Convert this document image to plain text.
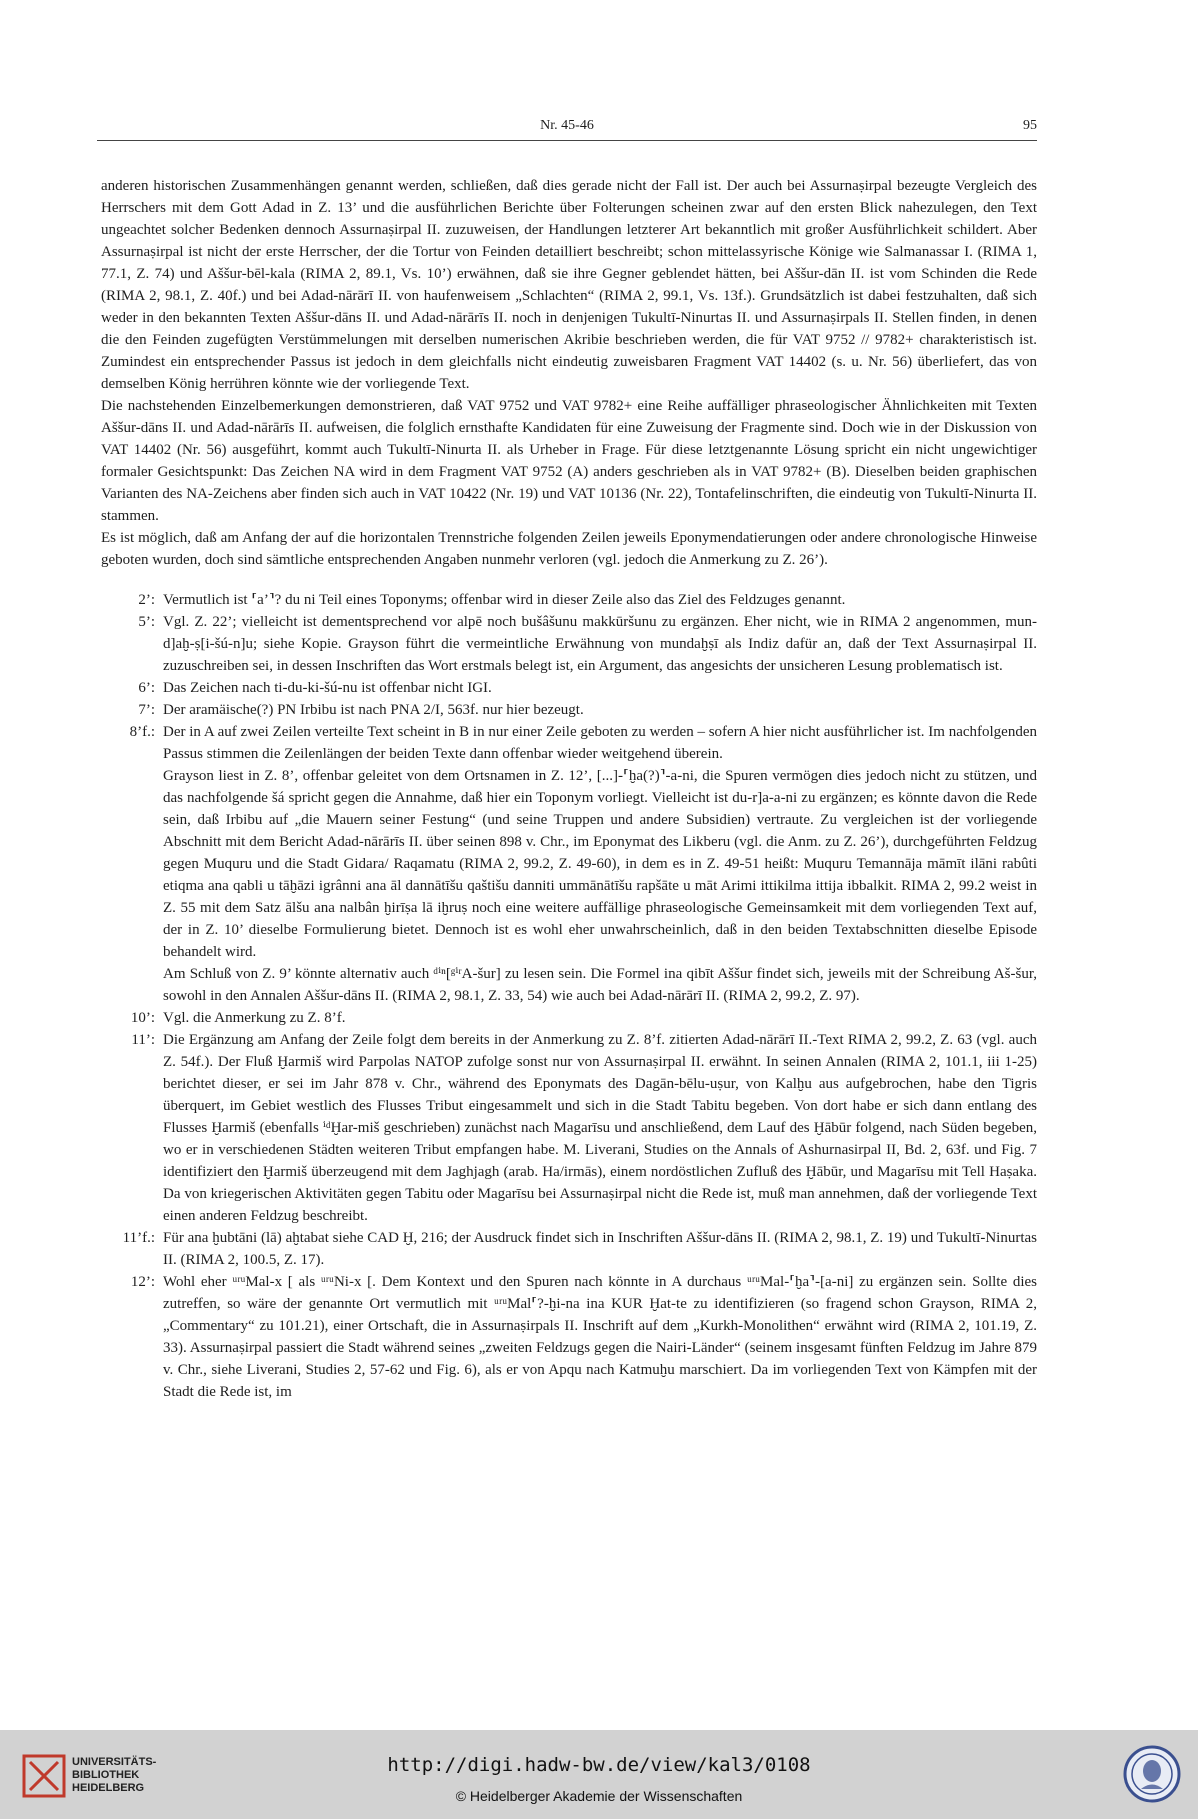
Nr. 45-46	95

anderen historischen Zusammenhängen genannt werden, schließen, daß dies gerade nicht der Fall ist. Der auch bei Assurnaṣirpal bezeugte Vergleich des Herrschers mit dem Gott Adad in Z. 13’ und die ausführlichen Berichte über Folterungen scheinen zwar auf den ersten Blick nahezulegen, den Text ungeachtet solcher Bedenken dennoch Assurnaṣirpal II. zuzuweisen, der Handlungen letzterer Art bekanntlich mit großer Ausführlichkeit schildert. Aber Assurnaṣirpal ist nicht der erste Herrscher, der die Tortur von Feinden detailliert beschreibt; schon mittelassyrische Könige wie Salmanassar I. (RIMA 1, 77.1, Z. 74) und Aššur-bēl-kala (RIMA 2, 89.1, Vs. 10’) erwähnen, daß sie ihre Gegner geblendet hätten, bei Aššur-dān II. ist vom Schinden die Rede (RIMA 2, 98.1, Z. 40f.) und bei Adad-nārārī II. von haufenweisem „Schlachten“ (RIMA 2, 99.1, Vs. 13f.). Grundsätzlich ist dabei festzuhalten, daß sich weder in den bekannten Texten Aššur-dāns II. und Adad-nārārīs II. noch in denjenigen Tukultī-Ninurtas II. und Assurnaṣirpals II. Stellen finden, in denen die den Feinden zugefügten Verstümmelungen mit derselben numerischen Akribie beschrieben werden, die für VAT 9752 // 9782+ charakteristisch ist. Zumindest ein entsprechender Passus ist jedoch in dem gleichfalls nicht eindeutig zuweisbaren Fragment VAT 14402 (s. u. Nr. 56) überliefert, das von demselben König herrühren könnte wie der vorliegende Text.

Die nachstehenden Einzelbemerkungen demonstrieren, daß VAT 9752 und VAT 9782+ eine Reihe auffälliger phraseologischer Ähnlichkeiten mit Texten Aššur-dāns II. und Adad-nārārīs II. aufweisen, die folglich ernsthafte Kandidaten für eine Zuweisung der Fragmente sind. Doch wie in der Diskussion von VAT 14402 (Nr. 56) ausgeführt, kommt auch Tukultī-Ninurta II. als Urheber in Frage. Für diese letztgenannte Lösung spricht ein nicht ungewichtiger formaler Gesichtspunkt: Das Zeichen NA wird in dem Fragment VAT 9752 (A) anders geschrieben als in VAT 9782+ (B). Dieselben beiden graphischen Varianten des NA-Zeichens aber finden sich auch in VAT 10422 (Nr. 19) und VAT 10136 (Nr. 22), Tontafelinschriften, die eindeutig von Tukultī-Ninurta II. stammen.

Es ist möglich, daß am Anfang der auf die horizontalen Trennstriche folgenden Zeilen jeweils Eponymendatierungen oder andere chronologische Hinweise geboten wurden, doch sind sämtliche entsprechenden Angaben nunmehr verloren (vgl. jedoch die Anmerkung zu Z. 26’).

2’: Vermutlich ist ⸢a’⸣? du ni Teil eines Toponyms; offenbar wird in dieser Zeile also das Ziel des Feldzuges genannt.

5’: Vgl. Z. 22’; vielleicht ist dementsprechend vor alpē noch bušâšunu makkūršunu zu ergänzen. Eher nicht, wie in RIMA 2 angenommen, mun-d]aḫ-ṣ[i-šú-n]u; siehe Kopie. Grayson führt die vermeintliche Erwähnung von mundaḫṣī als Indiz dafür an, daß der Text Assurnaṣirpal II. zuzuschreiben sei, in dessen Inschriften das Wort erstmals belegt ist, ein Argument, das angesichts der unsicheren Lesung problematisch ist.

6’: Das Zeichen nach ti-du-ki-šú-nu ist offenbar nicht IGI.

7’: Der aramäische(?) PN Irbibu ist nach PNA 2/I, 563f. nur hier bezeugt.

8’f.: Der in A auf zwei Zeilen verteilte Text scheint in B in nur einer Zeile geboten zu werden – sofern A hier nicht ausführlicher ist. Im nachfolgenden Passus stimmen die Zeilenlängen der beiden Texte dann offenbar wieder weitgehend überein.

Grayson liest in Z. 8’, offenbar geleitet von dem Ortsnamen in Z. 12’, [...]-⸢ḫa(?)⸣-a-ni, die Spuren vermögen dies jedoch nicht zu stützen, und das nachfolgende šá spricht gegen die Annahme, daß hier ein Toponym vorliegt. Vielleicht ist du-r]a-a-ni zu ergänzen; es könnte davon die Rede sein, daß Irbibu auf „die Mauern seiner Festung“ (und seine Truppen und andere Subsidien) vertraute. Zu vergleichen ist der vorliegende Abschnitt mit dem Bericht Adad-nārārīs II. über seinen 898 v. Chr., im Eponymat des Likberu (vgl. die Anm. zu Z. 26’), durchgeführten Feldzug gegen Muquru und die Stadt Gidara/ Raqamatu (RIMA 2, 99.2, Z. 49-60), in dem es in Z. 49-51 heißt: Muquru Temannāja māmīt ilāni rabûti etiqma ana qabli u tāḫāzi igrânni ana āl dannātīšu qaštišu danniti ummānātīšu rapšāte u māt Arimi ittikilma ittija ibbalkit. RIMA 2, 99.2 weist in Z. 55 mit dem Satz ālšu ana nalbân ḫirīṣa lā iḫruṣ noch eine weitere auffällige phraseologische Gemeinsamkeit mit dem vorliegenden Text auf, der in Z. 10’ dieselbe Formulierung bietet. Dennoch ist es wohl eher unwahrscheinlich, daß in den beiden Textabschnitten dieselbe Episode behandelt wird.

Am Schluß von Z. 9’ könnte alternativ auch ᵈⁱⁿ[ᵍⁱʳA-šur] zu lesen sein. Die Formel ina qibīt Aššur findet sich, jeweils mit der Schreibung Aš-šur, sowohl in den Annalen Aššur-dāns II. (RIMA 2, 98.1, Z. 33, 54) wie auch bei Adad-nārārī II. (RIMA 2, 99.2, Z. 97).

10’: Vgl. die Anmerkung zu Z. 8’f.

11’: Die Ergänzung am Anfang der Zeile folgt dem bereits in der Anmerkung zu Z. 8’f. zitierten Adad-nārārī II.-Text RIMA 2, 99.2, Z. 63 (vgl. auch Z. 54f.). Der Fluß Ḫarmiš wird Parpolas NATOP zufolge sonst nur von Assurnaṣirpal II. erwähnt. In seinen Annalen (RIMA 2, 101.1, iii 1-25) berichtet dieser, er sei im Jahr 878 v. Chr., während des Eponymats des Dagān-bēlu-uṣur, von Kalḫu aus aufgebrochen, habe den Tigris überquert, im Gebiet westlich des Flusses Tribut eingesammelt und sich in die Stadt Tabitu begeben. Von dort habe er sich dann entlang des Flusses Ḫarmiš (ebenfalls ⁱᵈḪar-miš geschrieben) zunächst nach Magarīsu und anschließend, dem Lauf des Ḫābūr folgend, nach Süden begeben, wo er in verschiedenen Städten weiteren Tribut empfangen habe. M. Liverani, Studies on the Annals of Ashurnasirpal II, Bd. 2, 63f. und Fig. 7 identifiziert den Ḫarmiš überzeugend mit dem Jaghjagh (arab. Ha/irmās), einem nordöstlichen Zufluß des Ḫābūr, und Magarīsu mit Tell Haṣaka. Da von kriegerischen Aktivitäten gegen Tabitu oder Magarīsu bei Assurnaṣirpal nicht die Rede ist, muß man annehmen, daß der vorliegende Text einen anderen Feldzug beschreibt.

11’f.: Für ana ḫubtāni (lā) aḫtabat siehe CAD Ḫ, 216; der Ausdruck findet sich in Inschriften Aššur-dāns II. (RIMA 2, 98.1, Z. 19) und Tukultī-Ninurtas II. (RIMA 2, 100.5, Z. 17).

12’: Wohl eher ᵘʳᵘMal-x [ als ᵘʳᵘNi-x [. Dem Kontext und den Spuren nach könnte in A durchaus ᵘʳᵘMal-⸢ḫa⸣-[a-ni] zu ergänzen sein. Sollte dies zutreffen, so wäre der genannte Ort vermutlich mit ᵘʳᵘMal⸢?-ḫi-na ina KUR Ḫat-te zu identifizieren (so fragend schon Grayson, RIMA 2, „Commentary“ zu 101.21), einer Ortschaft, die in Assurnaṣirpals II. Inschrift auf dem „Kurkh-Monolithen“ erwähnt wird (RIMA 2, 101.19, Z. 33). Assurnaṣirpal passiert die Stadt während seines „zweiten Feldzugs gegen die Nairi-Länder“ (seinem insgesamt fünften Feldzug im Jahre 879 v. Chr., siehe Liverani, Studies 2, 57-62 und Fig. 6), als er von Apqu nach Katmuḫu marschiert. Da im vorliegenden Text von Kämpfen mit der Stadt die Rede ist, im

UNIVERSITÄTS-
BIBLIOTHEK
HEIDELBERG
http://digi.hadw-bw.de/view/kal3/0108
© Heidelberger Akademie der Wissenschaften
